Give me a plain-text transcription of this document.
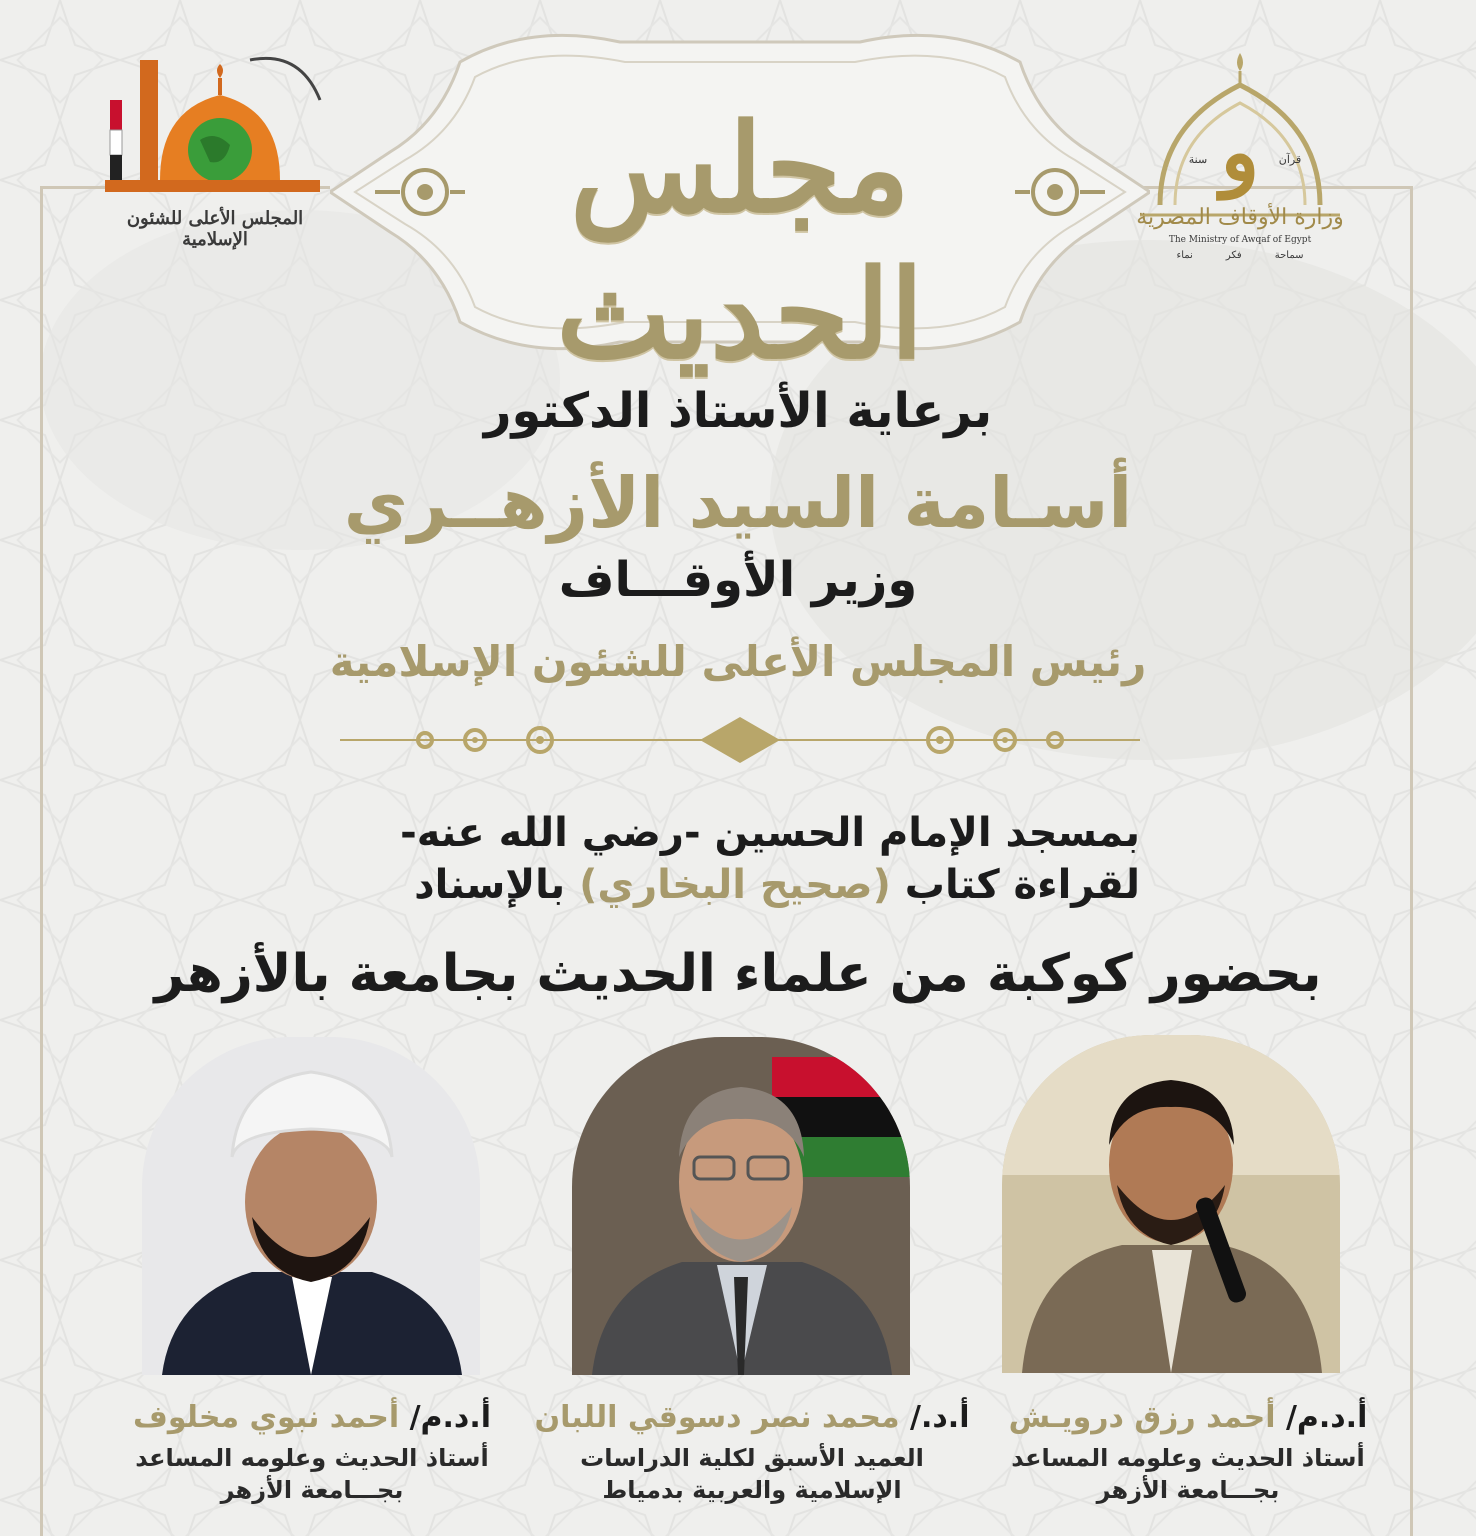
مجلس الحديث
و
وزارة الأوقاف المصرية
The Ministry of Awqaf of Egypt
سماحة
فكر
نماء
قرآن
سنة
المجلس الأعلى للشئون الإسلامية
برعاية الأستاذ الدكتور
أسـامة السيد الأزهــري
وزير الأوقـــاف
رئيس المجلس الأعلى للشئون الإسلامية
بمسجد الإمام الحسين -رضي الله عنه-
لقراءة كتاب (صحيح البخاري) بالإسناد
بحضور كوكبة من علماء الحديث بجامعة بالأزهر
أ.د.م/ أحمد رزق درويـش
أستاذ الحديث وعلومه المساعد
بجـــامعة الأزهر
أ.د./ محمد نصر دسوقي اللبان
العميد الأسبق لكلية الدراسات
الإسلامية والعربية بدمياط
أ.د.م/ أحمد نبوي مخلوف
أستاذ الحديث وعلومه المساعد
بجـــامعة الأزهر
